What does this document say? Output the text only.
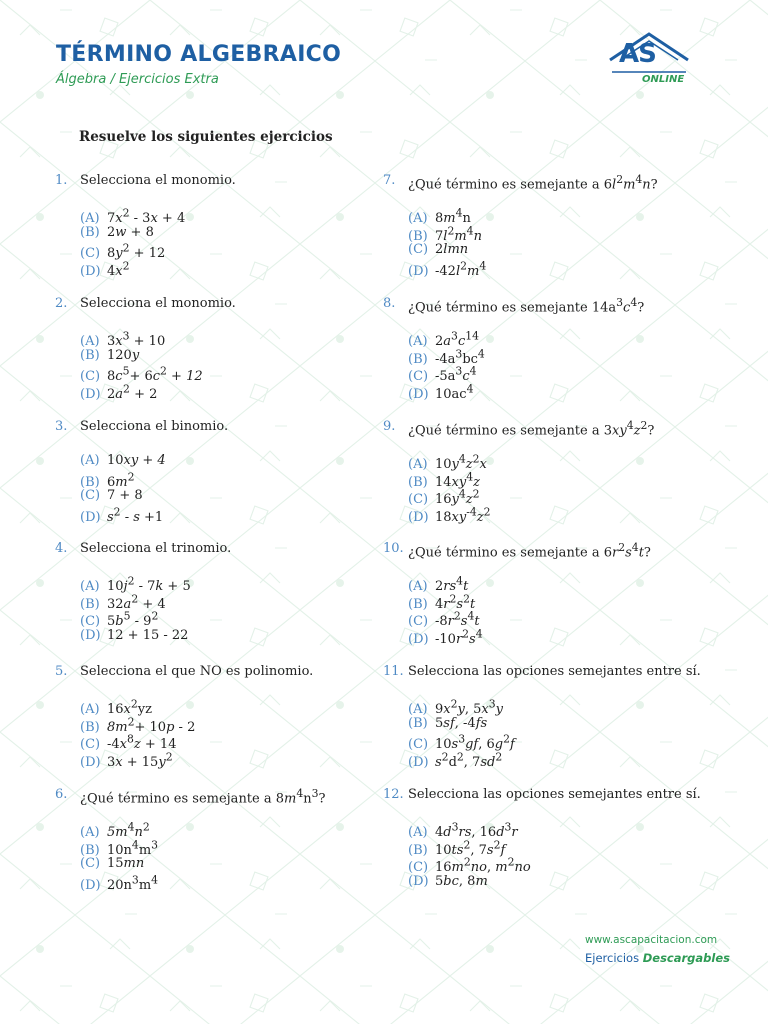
TÉRMINO ALGEBRAICO
Álgebra / Ejercicios Extra
AS
ONLINE
Resuelve los siguientes ejercicios
1. Selecciona el monomio.
(A) $7x^2 - 3x + 4$
(B) 2w + 8
(C) $8y^2 + 12$
(D) $4x^2$
2. Selecciona el monomio.
(A) $3x^3 + 10$
(B) 120y
(C) $8c^5+ 6c^2 + 12$
(D) $2a^2 + 2$
3. Selecciona el binomio.
(A) 10xy + 4
(B) $6m^2$
(C) 7 + 8
(D) $s^2 - s +1$
4. Selecciona el trinomio.
(A) $10j^2 - 7k + 5$
(B) $32a^2 + 4$
(C) $5b^5 - 9^2$
(D) 12 + 15 - 22
5. Selecciona el que NO es polinomio.
(A) $16x^2yz$
(B) $8m^2+ 10p - 2$
(C) $-4x^8z + 14$
(D) $3x + 15y^2$
6. ¿Qué término es semejante a $8m^4n^3$?
(A) $5m^4n^2$
(B) $10n^4m^3$
(C) 15mn
(D) $20n^3m^4$
7. ¿Qué término es semejante a $6l^2m^4n$?
(A) $8m^4n$
(B) $7l^2m^4n$
(C) 2lmn
(D) $-42l^2m^4$
8. ¿Qué término es semejante $14a^3c^4$?
(A) $2a^3c^{14}$
(B) $-4a^3bc^4$
(C) $-5a^3c^4$
(D) $10ac^4$
9. ¿Qué término es semejante a $3xy^4z^2$?
(A) $10y^4z^2x$
(B) $14xy^4z$
(C) $16y^4z^2$
(D) $18xy^{-4}z^2$
10. ¿Qué término es semejante a $6r^2s^4t$?
(A) $2rs^4t$
(B) $4r^2s^2t$
(C) $-8r^2s^4t$
(D) $-10r^2s^4$
11. Selecciona las opciones semejantes entre sí.
(A) $9x^2y$, $5x^3y$
(B) 5sf, -4fs
(C) $10s^3gf$, $6g^2f$
(D) $s^2d^2$, $7sd^2$
12. Selecciona las opciones semejantes entre sí.
(A) $4d^3rs$, $16d^3r$
(B) $10ts^2$, $7s^2f$
(C) $16m^2no$, $m^2no$
(D) 5bc, 8m
www.ascapacitacion.com
Ejercicios Descargables
